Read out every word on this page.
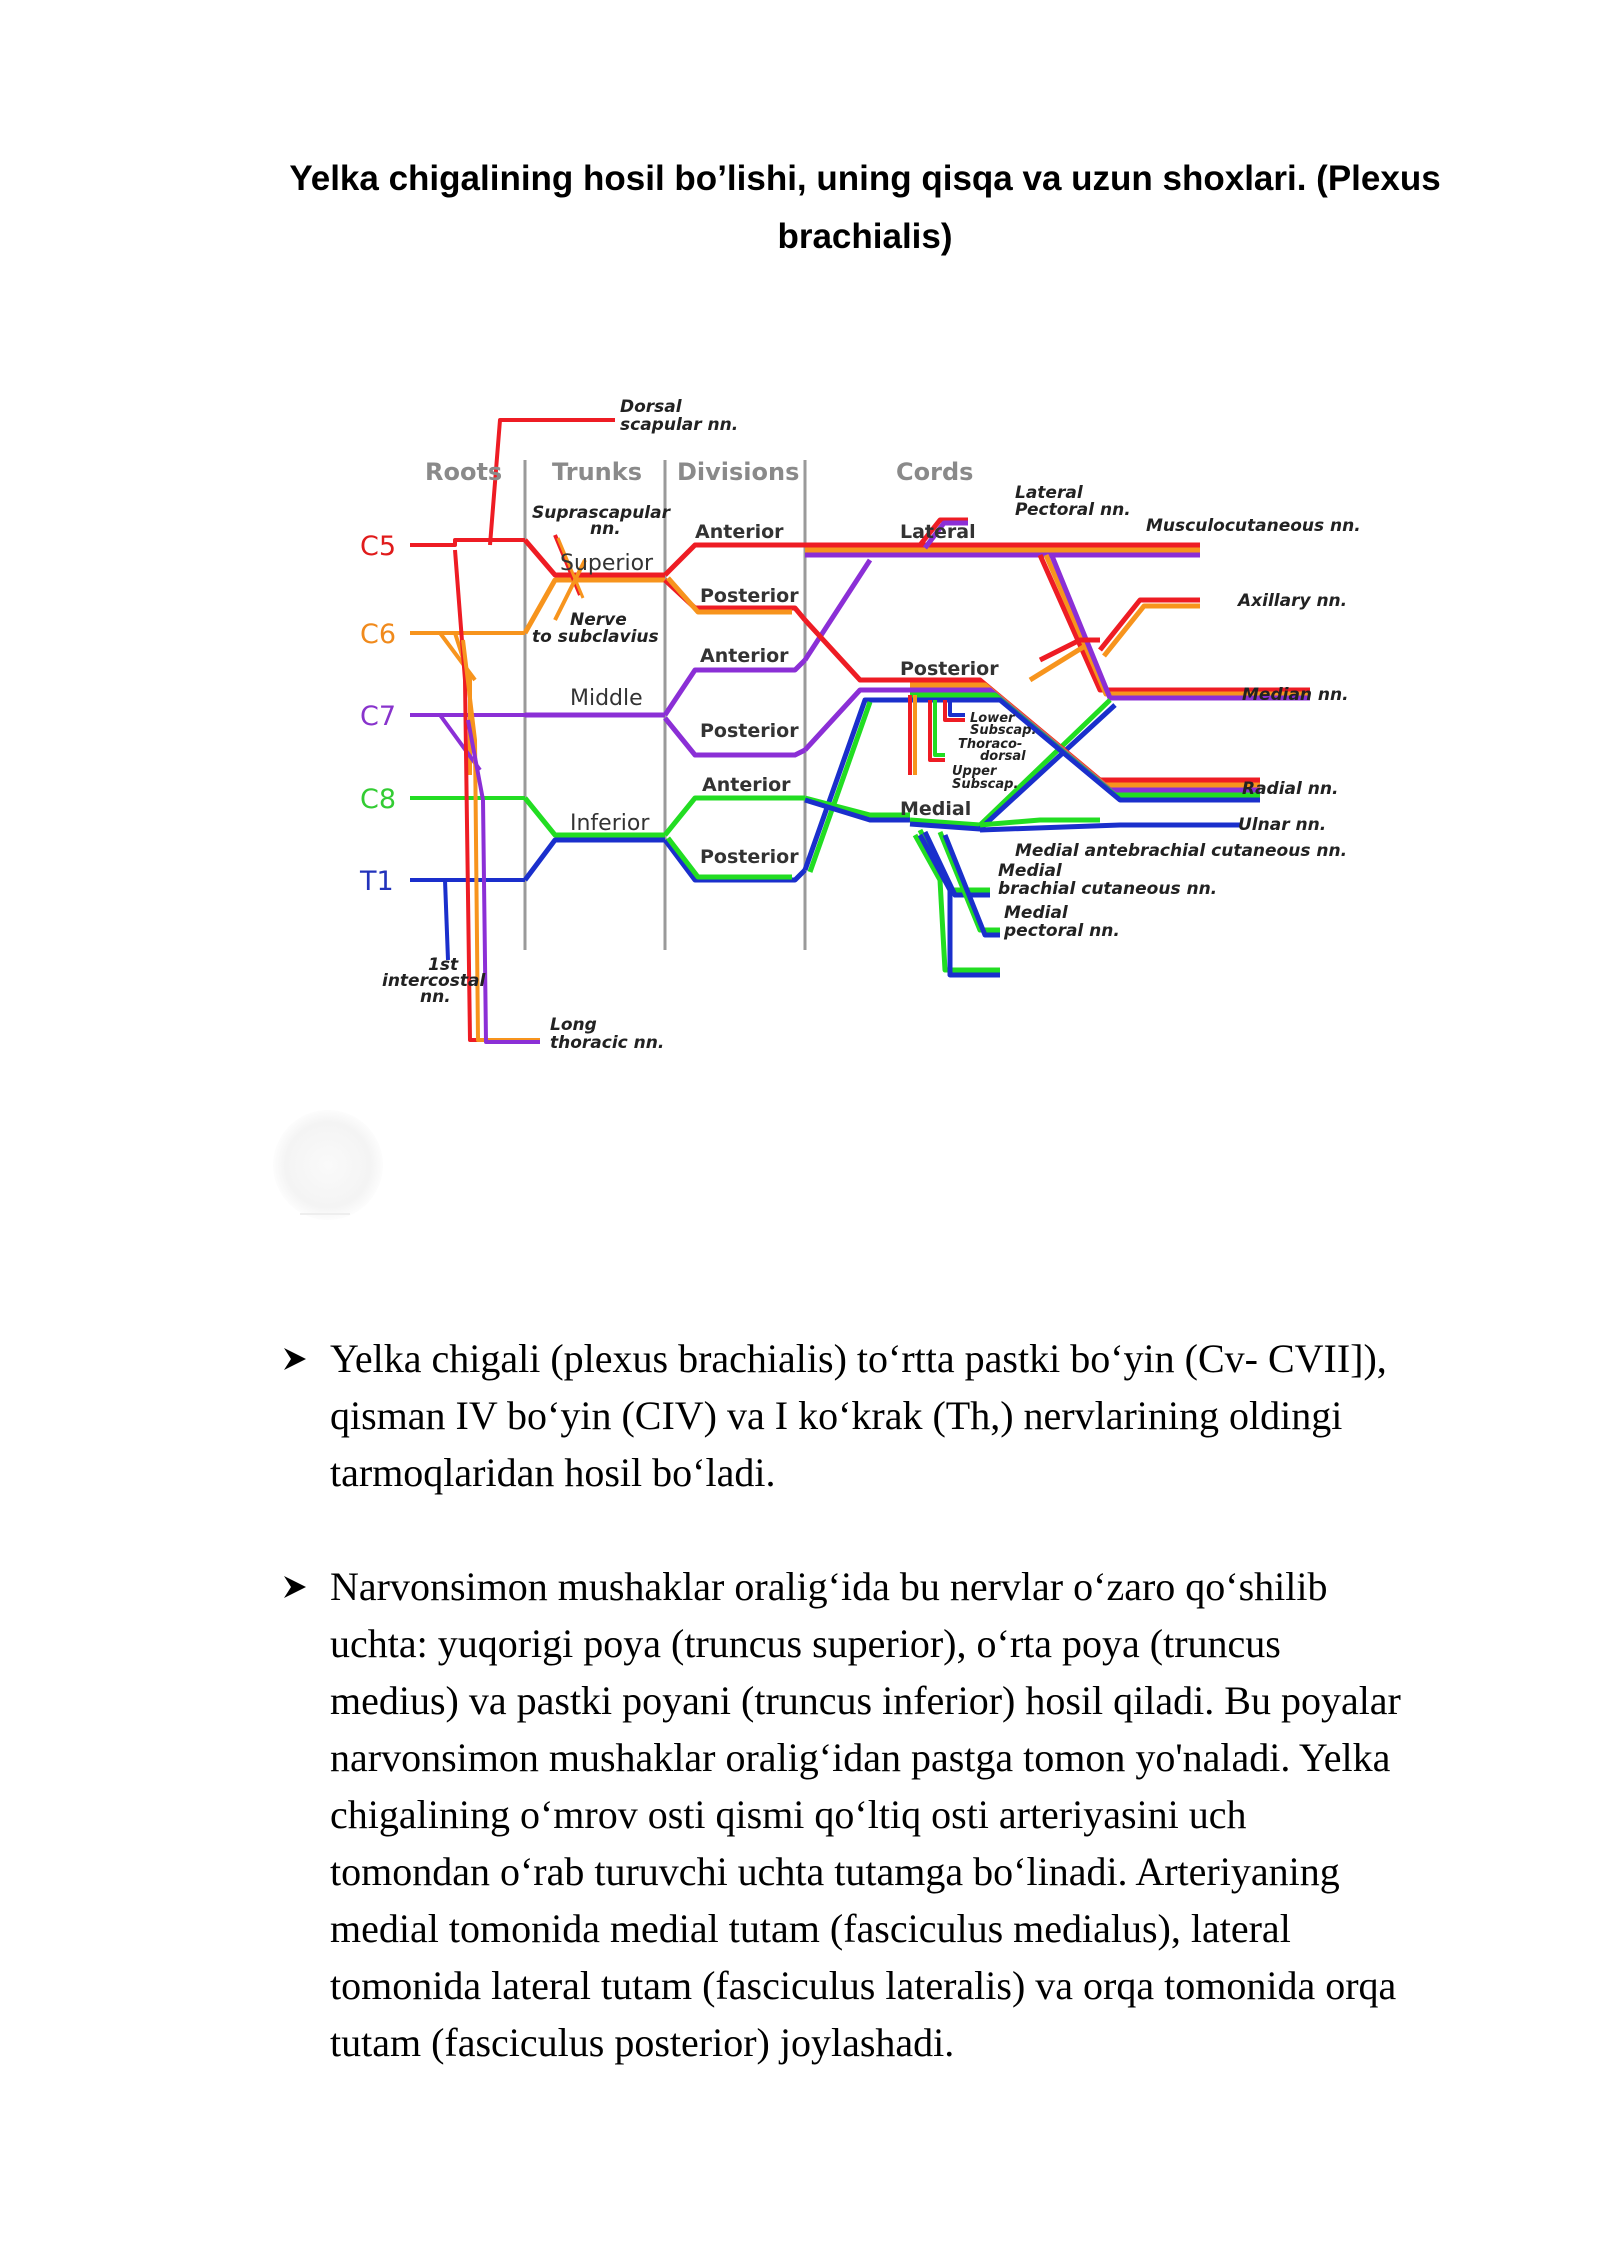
Yelka chigalining hosil bo’lishi, uning qisqa va uzun shoxlari. (Plexus
brachialis)
Roots Trunks Divisions	Cords
C5
C6
C7
C8
T1
Superior
Middle
Inferior
Anterior
Posterior
Anterior
Posterior
Anterior
Posterior
Lateral
Posterior
Medial
Dorsal
scapular nn.
Suprascapular
nn.
Nerve
to subclavius
1st
intercostal
nn.
Long
thoracic nn.
Lateral
Pectoral nn.
Musculocutaneous nn.
Axillary nn.
Median nn.
Radial nn.
Ulnar nn.
Lower
Subscap.
Thoraco-
dorsal
Upper
Subscap.
Medial antebrachial cutaneous nn.
Medial
brachial cutaneous nn.
Medial
pectoral nn.
Yelka chigali (plexus brachialis) to‘rtta pastki bo‘yin (Cv- CVII]),
qisman IV bo‘yin (CIV) va I ko‘krak (Th,) nervlarining oldingi
tarmoqlaridan hosil bo‘ladi.
Narvonsimon mushaklar oralig‘ida bu nervlar o‘zaro qo‘shilib
uchta: yuqorigi poya (truncus superior), o‘rta poya (truncus
medius) va pastki poyani (truncus inferior) hosil qiladi. Bu poyalar
narvonsimon mushaklar oralig‘idan pastga tomon yo'naladi. Yelka
chigalining o‘mrov osti qismi qo‘ltiq osti arteriyasini uch
tomondan o‘rab turuvchi uchta tutamga bo‘linadi. Arteriyaning
medial tomonida medial tutam (fasciculus medialus), lateral
tomonida lateral tutam (fasciculus lateralis) va orqa tomonida orqa
tutam (fasciculus posterior) joylashadi.
